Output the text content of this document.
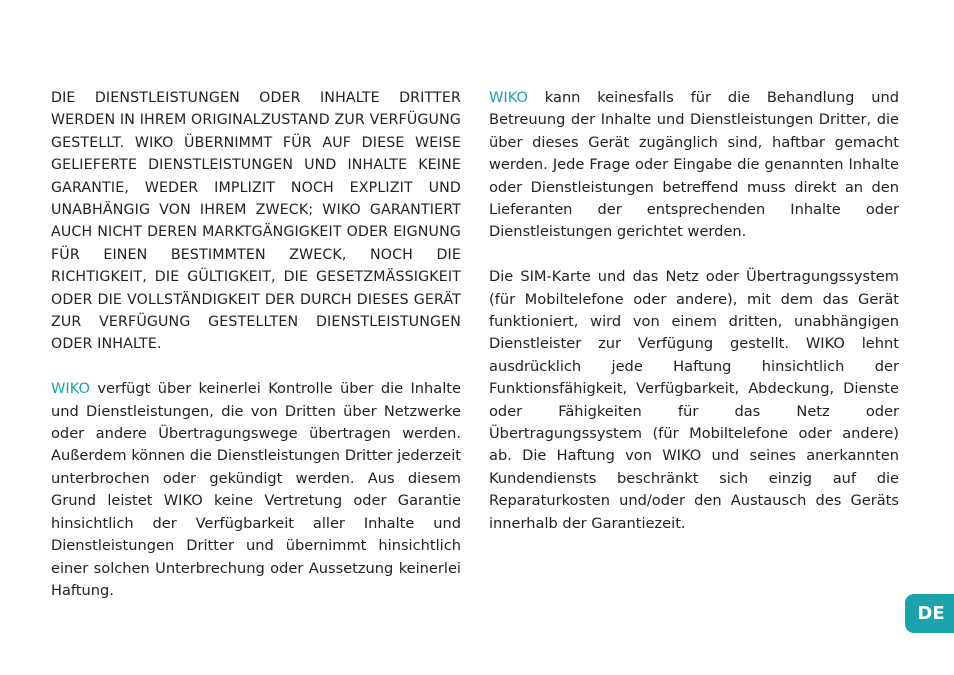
DIE DIENSTLEISTUNGEN ODER INHALTE DRITTER WERDEN IN IHREM ORIGINALZUSTAND ZUR VERFÜGUNG GESTELLT. WIKO ÜBERNIMMT FÜR AUF DIESE WEISE GELIEFERTE DIENSTLEISTUNGEN UND INHALTE KEINE GARANTIE, WEDER IMPLIZIT NOCH EXPLIZIT UND UNABHÄNGIG VON IHREM ZWECK; WIKO GARANTIERT AUCH NICHT DEREN MARKTGÄNGIGKEIT ODER EIGNUNG FÜR EINEN BESTIMMTEN ZWECK, NOCH DIE RICHTIGKEIT, DIE GÜLTIGKEIT, DIE GESETZMÄSSIGKEIT ODER DIE VOLLSTÄNDIGKEIT DER DURCH DIESES GERÄT ZUR VERFÜGUNG GESTELLTEN DIENSTLEISTUNGEN ODER INHALTE.

WIKO verfügt über keinerlei Kontrolle über die Inhalte und Dienstleistungen, die von Dritten über Netzwerke oder andere Übertragungswege übertragen werden. Außerdem können die Dienstleistungen Dritter jederzeit unterbrochen oder gekündigt werden. Aus diesem Grund leistet WIKO keine Vertretung oder Garantie hinsichtlich der Verfügbarkeit aller Inhalte und Dienstleistungen Dritter und übernimmt hinsichtlich einer solchen Unterbrechung oder Aussetzung keinerlei Haftung.

WIKO kann keinesfalls für die Behandlung und Betreuung der Inhalte und Dienstleistungen Dritter, die über dieses Gerät zugänglich sind, haftbar gemacht werden. Jede Frage oder Eingabe die genannten Inhalte oder Dienstleistungen betreffend muss direkt an den Lieferanten der entsprechenden Inhalte oder Dienstleistungen gerichtet werden.

Die SIM-Karte und das Netz oder Übertragungssystem (für Mobiltelefone oder andere), mit dem das Gerät funktioniert, wird von einem dritten, unabhängigen Dienstleister zur Verfügung gestellt. WIKO lehnt ausdrücklich jede Haftung hinsichtlich der Funktionsfähigkeit, Verfügbarkeit, Abdeckung, Dienste oder Fähigkeiten für das Netz oder Übertragungssystem (für Mobiltelefone oder andere) ab. Die Haftung von WIKO und seines anerkannten Kundendiensts beschränkt sich einzig auf die Reparaturkosten und/oder den Austausch des Geräts innerhalb der Garantiezeit.

DE
